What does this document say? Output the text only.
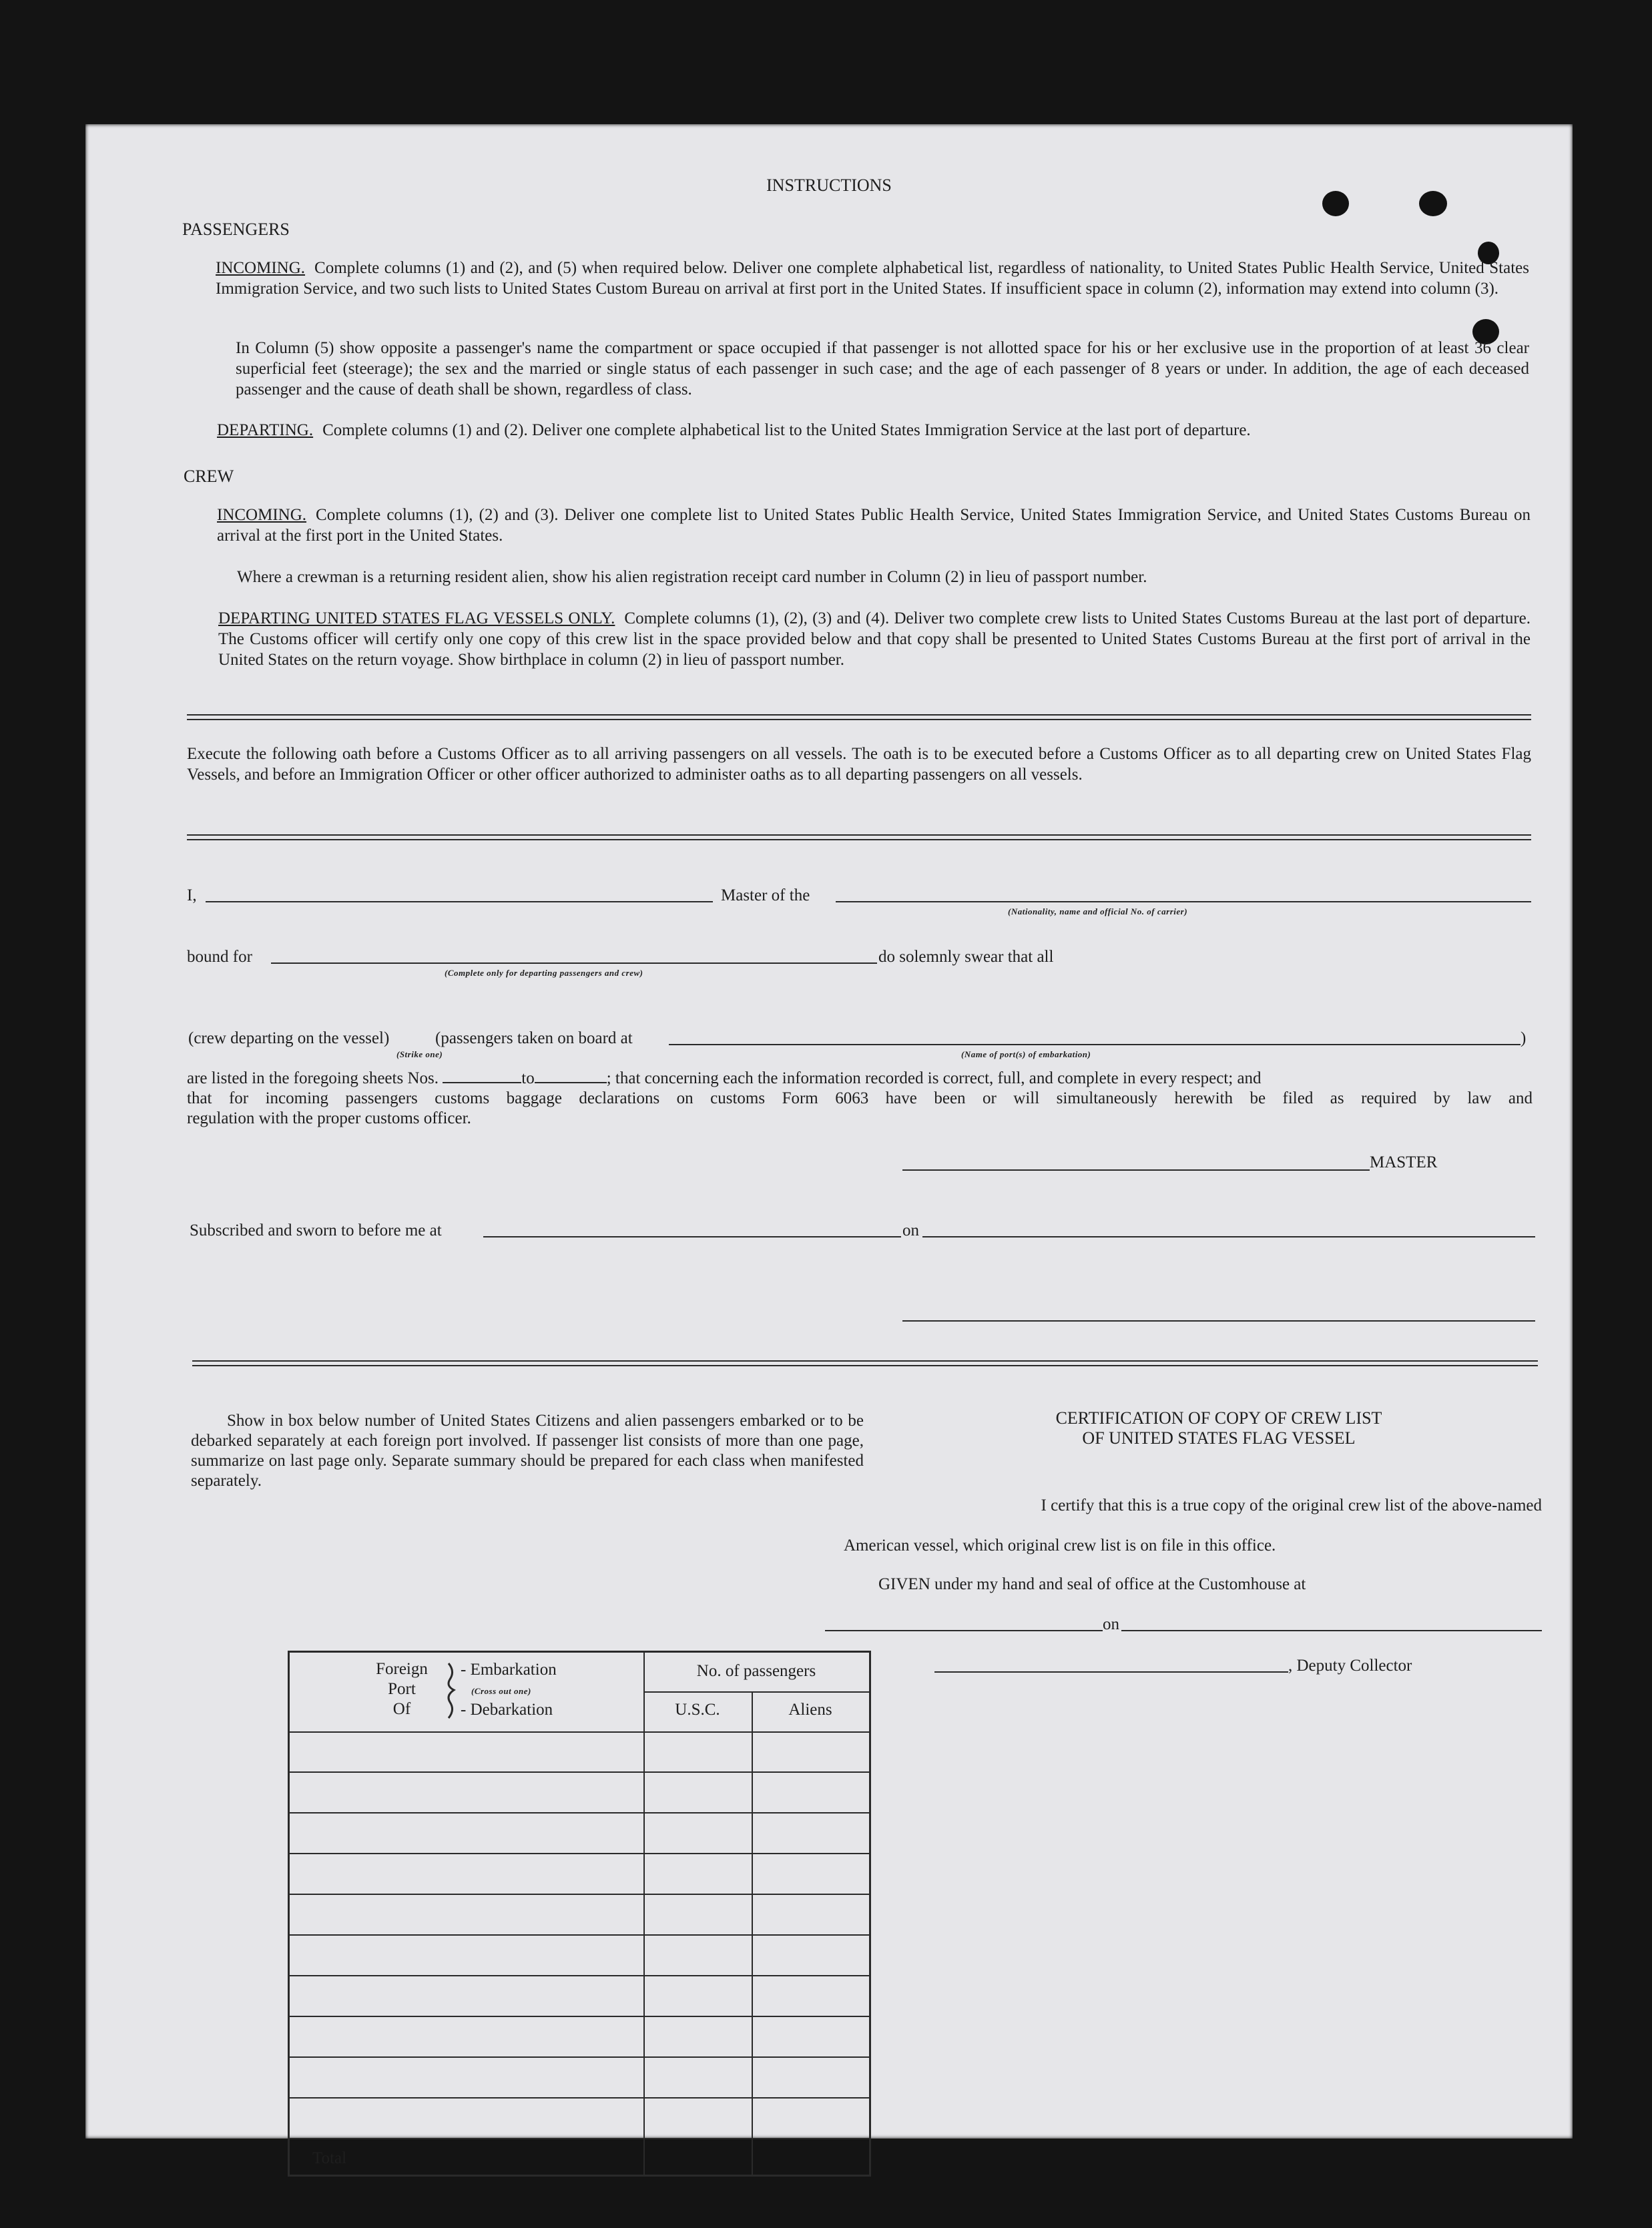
INSTRUCTIONS
PASSENGERS
INCOMING. Complete columns (1) and (2), and (5) when required below. Deliver one complete alphabetical list, regardless of nationality, to United States Public Health Service, United States Immigration Service, and two such lists to United States Custom Bureau on arrival at first port in the United States. If insufficient space in column (2), information may extend into column (3).
In Column (5) show opposite a passenger's name the compartment or space occupied if that passenger is not allotted space for his or her exclusive use in the proportion of at least 36 clear superficial feet (steerage); the sex and the married or single status of each passenger in such case; and the age of each passenger of 8 years or under. In addition, the age of each deceased passenger and the cause of death shall be shown, regardless of class.
DEPARTING. Complete columns (1) and (2). Deliver one complete alphabetical list to the United States Immigration Service at the last port of departure.
CREW
INCOMING. Complete columns (1), (2) and (3). Deliver one complete list to United States Public Health Service, United States Immigration Service, and United States Customs Bureau on arrival at the first port in the United States.
Where a crewman is a returning resident alien, show his alien registration receipt card number in Column (2) in lieu of passport number.
DEPARTING UNITED STATES FLAG VESSELS ONLY. Complete columns (1), (2), (3) and (4). Deliver two complete crew lists to United States Customs Bureau at the last port of departure. The Customs officer will certify only one copy of this crew list in the space provided below and that copy shall be presented to United States Customs Bureau at the first port of arrival in the United States on the return voyage. Show birthplace in column (2) in lieu of passport number.
Execute the following oath before a Customs Officer as to all arriving passengers on all vessels. The oath is to be executed before a Customs Officer as to all departing crew on United States Flag Vessels, and before an Immigration Officer or other officer authorized to administer oaths as to all departing passengers on all vessels.
I,	Master of the
(Nationality, name and official No. of carrier)
bound for	do solemnly swear that all
(Complete only for departing passengers and crew)
(crew departing on the vessel)	(passengers taken on board at	)
(Strike one)	(Name of port(s) of embarkation)
are listed in the foregoing sheets Nos.	to	; that concerning each the information recorded is correct, full, and complete in every respect; and
that for incoming passengers customs baggage declarations on customs Form 6063 have been or will simultaneously herewith be filed as required by law and
regulation with the proper customs officer.
MASTER
Subscribed and sworn to before me at	on
Show in box below number of United States Citizens and alien passengers embarked or to be debarked separately at each foreign port involved. If passenger list consists of more than one page, summarize on last page only. Separate summary should be prepared for each class when manifested separately.
Foreign
Port
Of
- Embarkation
(Cross out one)
- Debarkation
No. of passengers
U.S.C.	Aliens
Total
CERTIFICATION OF COPY OF CREW LIST
OF UNITED STATES FLAG VESSEL
I certify that this is a true copy of the original crew list of the above-named
American vessel, which original crew list is on file in this office.
GIVEN under my hand and seal of office at the Customhouse at
on
, Deputy Collector
